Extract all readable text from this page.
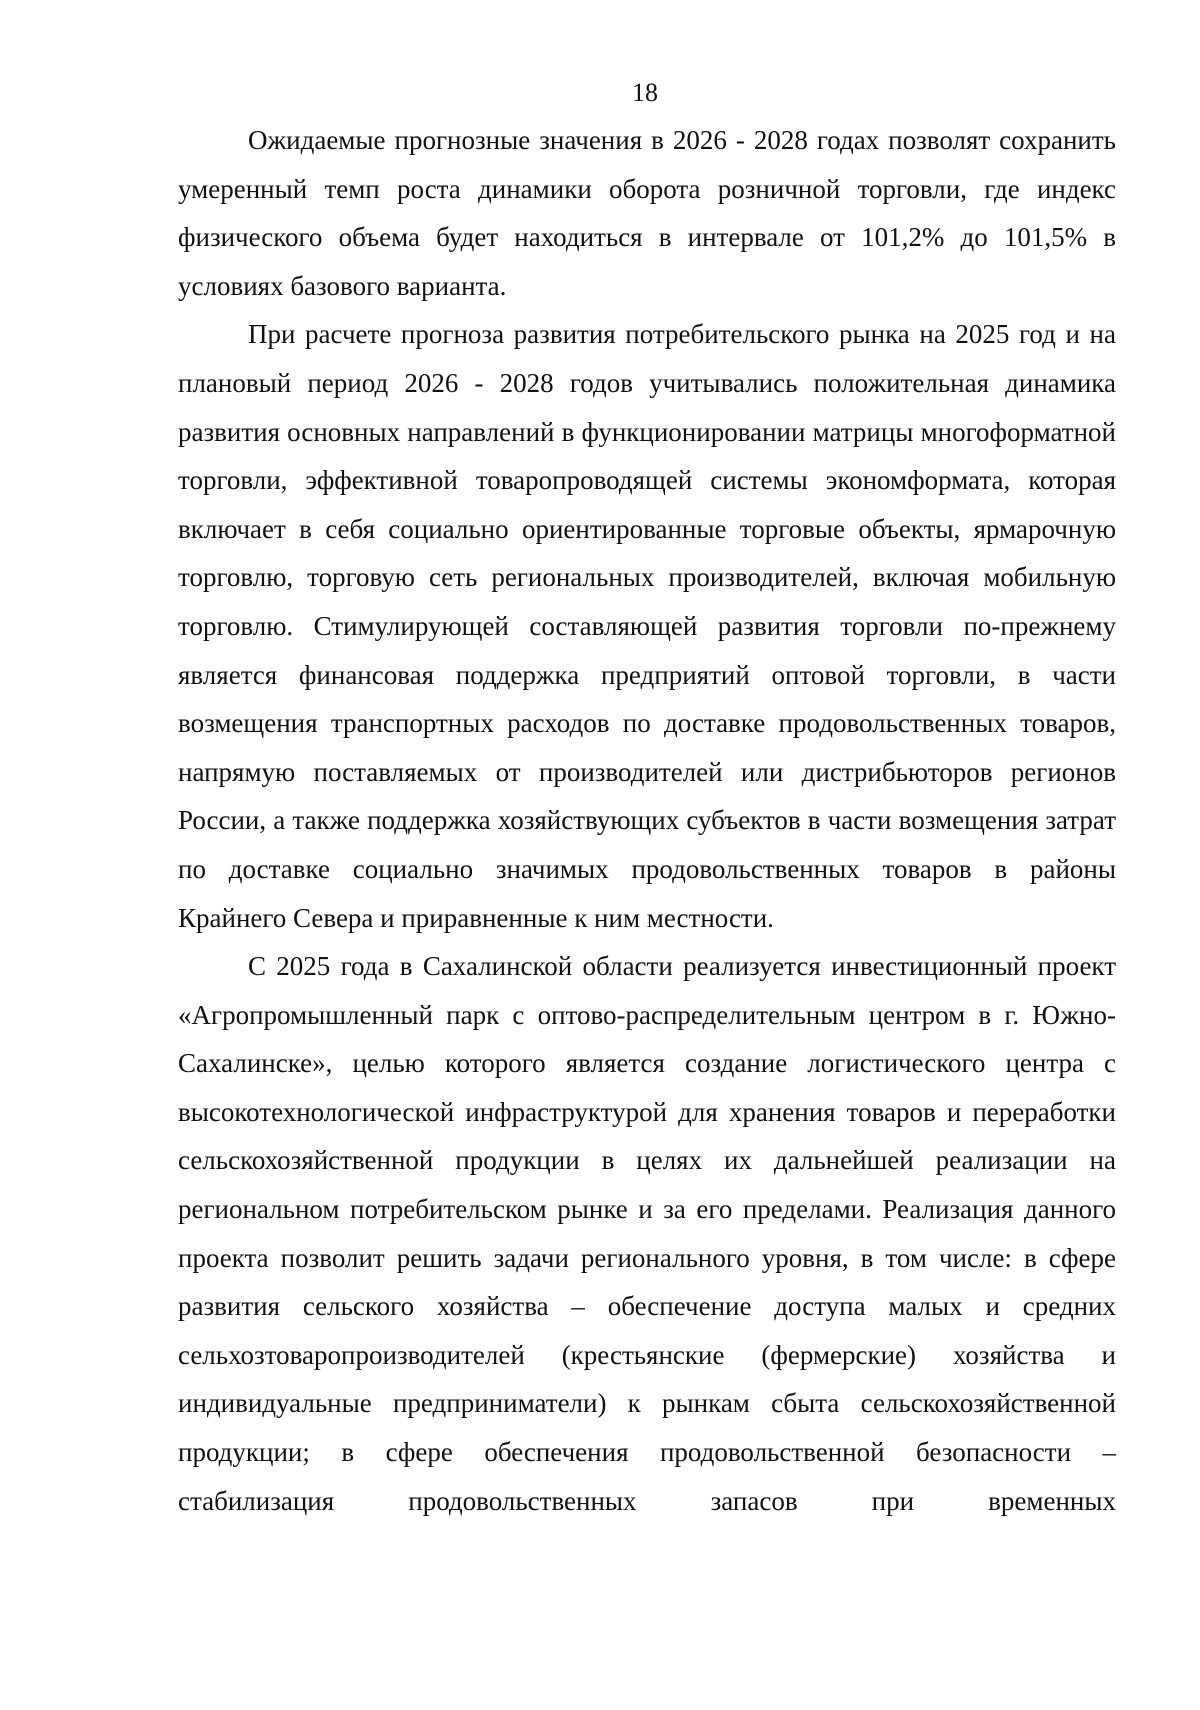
18

Ожидаемые прогнозные значения в 2026 - 2028 годах позволят сохранить умеренный темп роста динамики оборота розничной торговли, где индекс физического объема будет находиться в интервале от 101,2% до 101,5% в условиях базового варианта.

При расчете прогноза развития потребительского рынка на 2025 год и на плановый период 2026 - 2028 годов учитывались положительная динамика развития основных направлений в функционировании матрицы многоформатной торговли, эффективной товаропроводящей системы экономформата, которая включает в себя социально ориентированные торговые объекты, ярмарочную торговлю, торговую сеть региональных производителей, включая мобильную торговлю. Стимулирующей составляющей развития торговли по-прежнему является финансовая поддержка предприятий оптовой торговли, в части возмещения транспортных расходов по доставке продовольственных товаров, напрямую поставляемых от производителей или дистрибьюторов регионов России, а также поддержка хозяйствующих субъектов в части возмещения затрат по доставке социально значимых продовольственных товаров в районы Крайнего Севера и приравненные к ним местности.

С 2025 года в Сахалинской области реализуется инвестиционный проект «Агропромышленный парк с оптово-распределительным центром в г. Южно-Сахалинске», целью которого является создание логистического центра с высокотехнологической инфраструктурой для хранения товаров и переработки сельскохозяйственной продукции в целях их дальнейшей реализации на региональном потребительском рынке и за его пределами. Реализация данного проекта позволит решить задачи регионального уровня, в том числе: в сфере развития сельского хозяйства – обеспечение доступа малых и средних сельхозтоваропроизводителей (крестьянские (фермерские) хозяйства и индивидуальные предприниматели) к рынкам сбыта сельскохозяйственной продукции; в сфере обеспечения продовольственной безопасности – стабилизация продовольственных запасов при временных
